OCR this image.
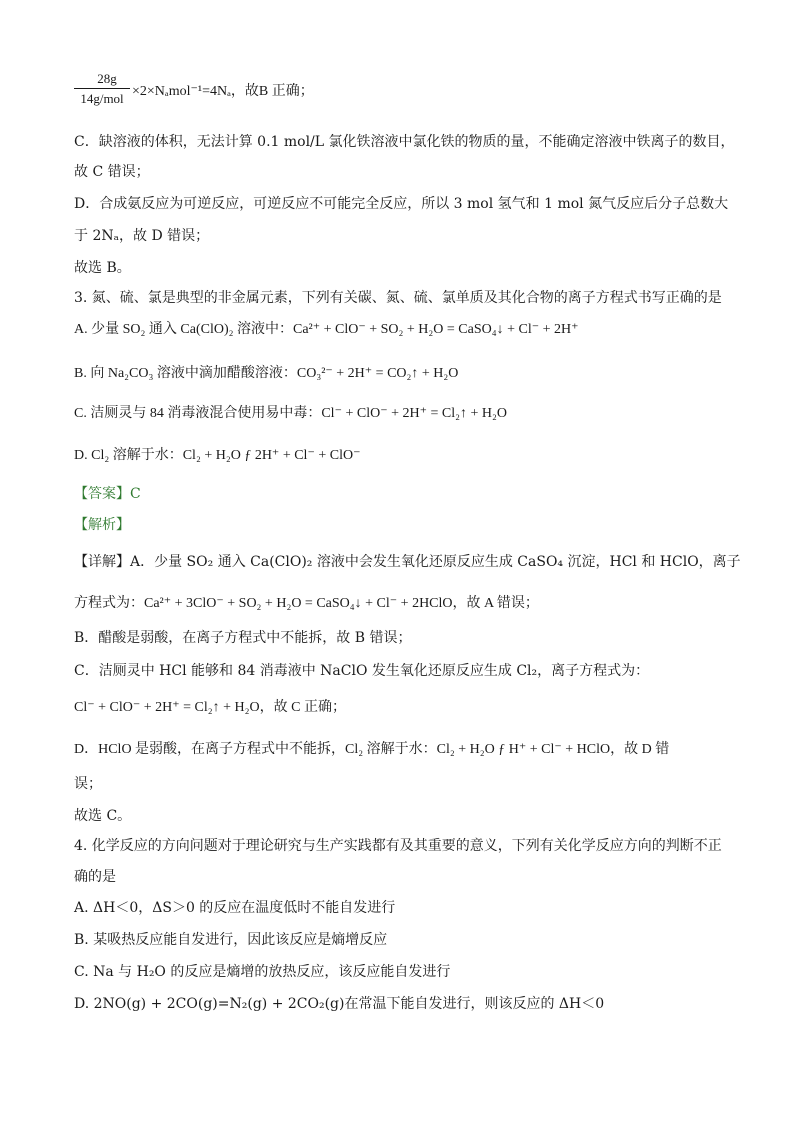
28g
14g/mol ×2×Nₐmol⁻¹=4Nₐ，故B 正确；
C．缺溶液的体积，无法计算 0.1 mol/L 氯化铁溶液中氯化铁的物质的量，不能确定溶液中铁离子的数目，
故 C 错误；
D．合成氨反应为可逆反应，可逆反应不可能完全反应，所以 3 mol 氢气和 1 mol 氮气反应后分子总数大
于 2Nₐ，故 D 错误；
故选 B。
3. 氮、硫、氯是典型的非金属元素，下列有关碳、氮、硫、氯单质及其化合物的离子方程式书写正确的是
A. 少量 SO₂ 通入 Ca(ClO)₂ 溶液中：Ca²⁺ + ClO⁻ + SO₂ + H₂O = CaSO₄↓ + Cl⁻ + 2H⁺
B. 向 Na₂CO₃ 溶液中滴加醋酸溶液：CO₃²⁻ + 2H⁺ = CO₂↑ + H₂O
C. 洁厕灵与 84 消毒液混合使用易中毒：Cl⁻ + ClO⁻ + 2H⁺ = Cl₂↑ + H₂O
D. Cl₂ 溶解于水：Cl₂ + H₂O ƒ 2H⁺ + Cl⁻ + ClO⁻
【答案】C
【解析】
【详解】A．少量 SO₂ 通入 Ca(ClO)₂ 溶液中会发生氧化还原反应生成 CaSO₄ 沉淀，HCl 和 HClO，离子
方程式为：Ca²⁺ + 3ClO⁻ + SO₂ + H₂O = CaSO₄↓ + Cl⁻ + 2HClO，故 A 错误；
B．醋酸是弱酸，在离子方程式中不能拆，故 B 错误；
C．洁厕灵中 HCl 能够和 84 消毒液中 NaClO 发生氧化还原反应生成 Cl₂，离子方程式为：
Cl⁻ + ClO⁻ + 2H⁺ = Cl₂↑ + H₂O，故 C 正确；
D．HClO 是弱酸，在离子方程式中不能拆，Cl₂ 溶解于水：Cl₂ + H₂O ƒ H⁺ + Cl⁻ + HClO，故 D 错
误；
故选 C。
4. 化学反应的方向问题对于理论研究与生产实践都有及其重要的意义，下列有关化学反应方向的判断不正
确的是
A. ΔH＜0，ΔS＞0 的反应在温度低时不能自发进行
B. 某吸热反应能自发进行，因此该反应是熵增反应
C. Na 与 H₂O 的反应是熵增的放热反应，该反应能自发进行
D. 2NO(g) + 2CO(g)=N₂(g) + 2CO₂(g)在常温下能自发进行，则该反应的 ΔH＜0
